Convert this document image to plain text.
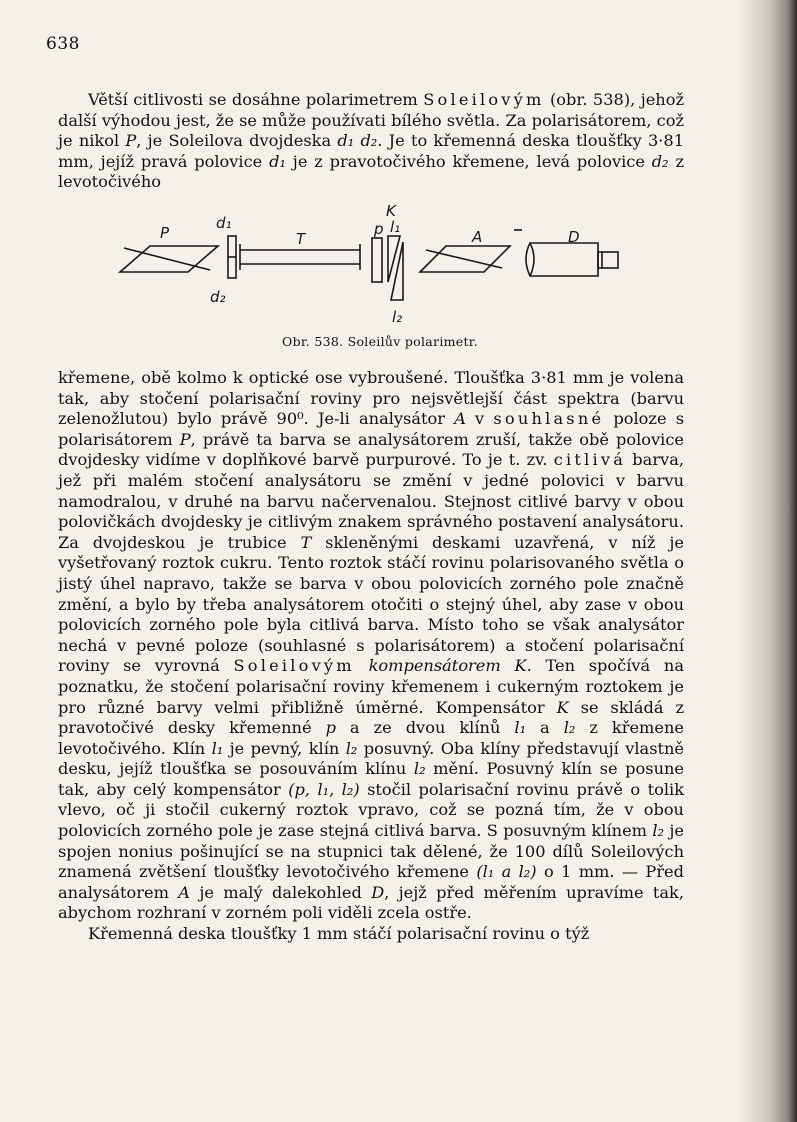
638

Větší citlivosti se dosáhne polarimetrem Soleilovým (obr. 538), jehož další výhodou jest, že se může používati bílého světla. Za polarisátorem, což je nikol P, je Soleilova dvojdeska d₁ d₂. Je to křemenná deska tloušťky 3·81 mm, jejíž pravá polovice d₁ je z pravotočivého křemene, levá polovice d₂ z levotočivého

P
d₁
d₂
T
K
p l₁
l₂
A	D
Obr. 538. Soleilův polarimetr.

křemene, obě kolmo k optické ose vybroušené. Tloušťka 3·81 mm je volena tak, aby stočení polarisační roviny pro nejsvětlejší část spektra (barvu zelenožlutou) bylo právě 90⁰. Je-li analysátor A v souhlasné poloze s polarisátorem P, právě ta barva se analysátorem zruší, takže obě polovice dvojdesky vidíme v doplňkové barvě purpurové. To je t. zv. citlivá barva, jež při malém stočení analysátoru se změní v jedné polovici v barvu namodralou, v druhé na barvu načervenalou. Stejnost citlivé barvy v obou polovičkách dvojdesky je citlivým znakem správného postavení analysátoru. Za dvojdeskou je trubice T skleněnými deskami uzavřená, v níž je vyšetřovaný roztok cukru. Tento roztok stáčí rovinu polarisovaného světla o jistý úhel napravo, takže se barva v obou polovicích zorného pole značně změní, a bylo by třeba analysátorem otočiti o stejný úhel, aby zase v obou polovicích zorného pole byla citlivá barva. Místo toho se však analysátor nechá v pevné poloze (souhlasné s polarisátorem) a stočení polarisační roviny se vyrovná Soleilovým kompensátorem K. Ten spočívá na poznatku, že stočení polarisační roviny křemenem i cukerným roztokem je pro různé barvy velmi přibližně úměrné. Kompensátor K se skládá z pravotočivé desky křemenné p a ze dvou klínů l₁ a l₂ z křemene levotočivého. Klín l₁ je pevný, klín l₂ posuvný. Oba klíny představují vlastně desku, jejíž tloušťka se posouváním klínu l₂ mění. Posuvný klín se posune tak, aby celý kompensátor (p, l₁, l₂) stočil polarisační rovinu právě o tolik vlevo, oč ji stočil cukerný roztok vpravo, což se pozná tím, že v obou polovicích zorného pole je zase stejná citlivá barva. S posuvným klínem l₂ je spojen nonius pošinující se na stupnici tak dělené, že 100 dílů Soleilových znamená zvětšení tloušťky levotočivého křemene (l₁ a l₂) o 1 mm. — Před analysátorem A je malý dalekohled D, jejž před měřením upravíme tak, abychom rozhraní v zorném poli viděli zcela ostře.

Křemenná deska tloušťky 1 mm stáčí polarisační rovinu o týž
